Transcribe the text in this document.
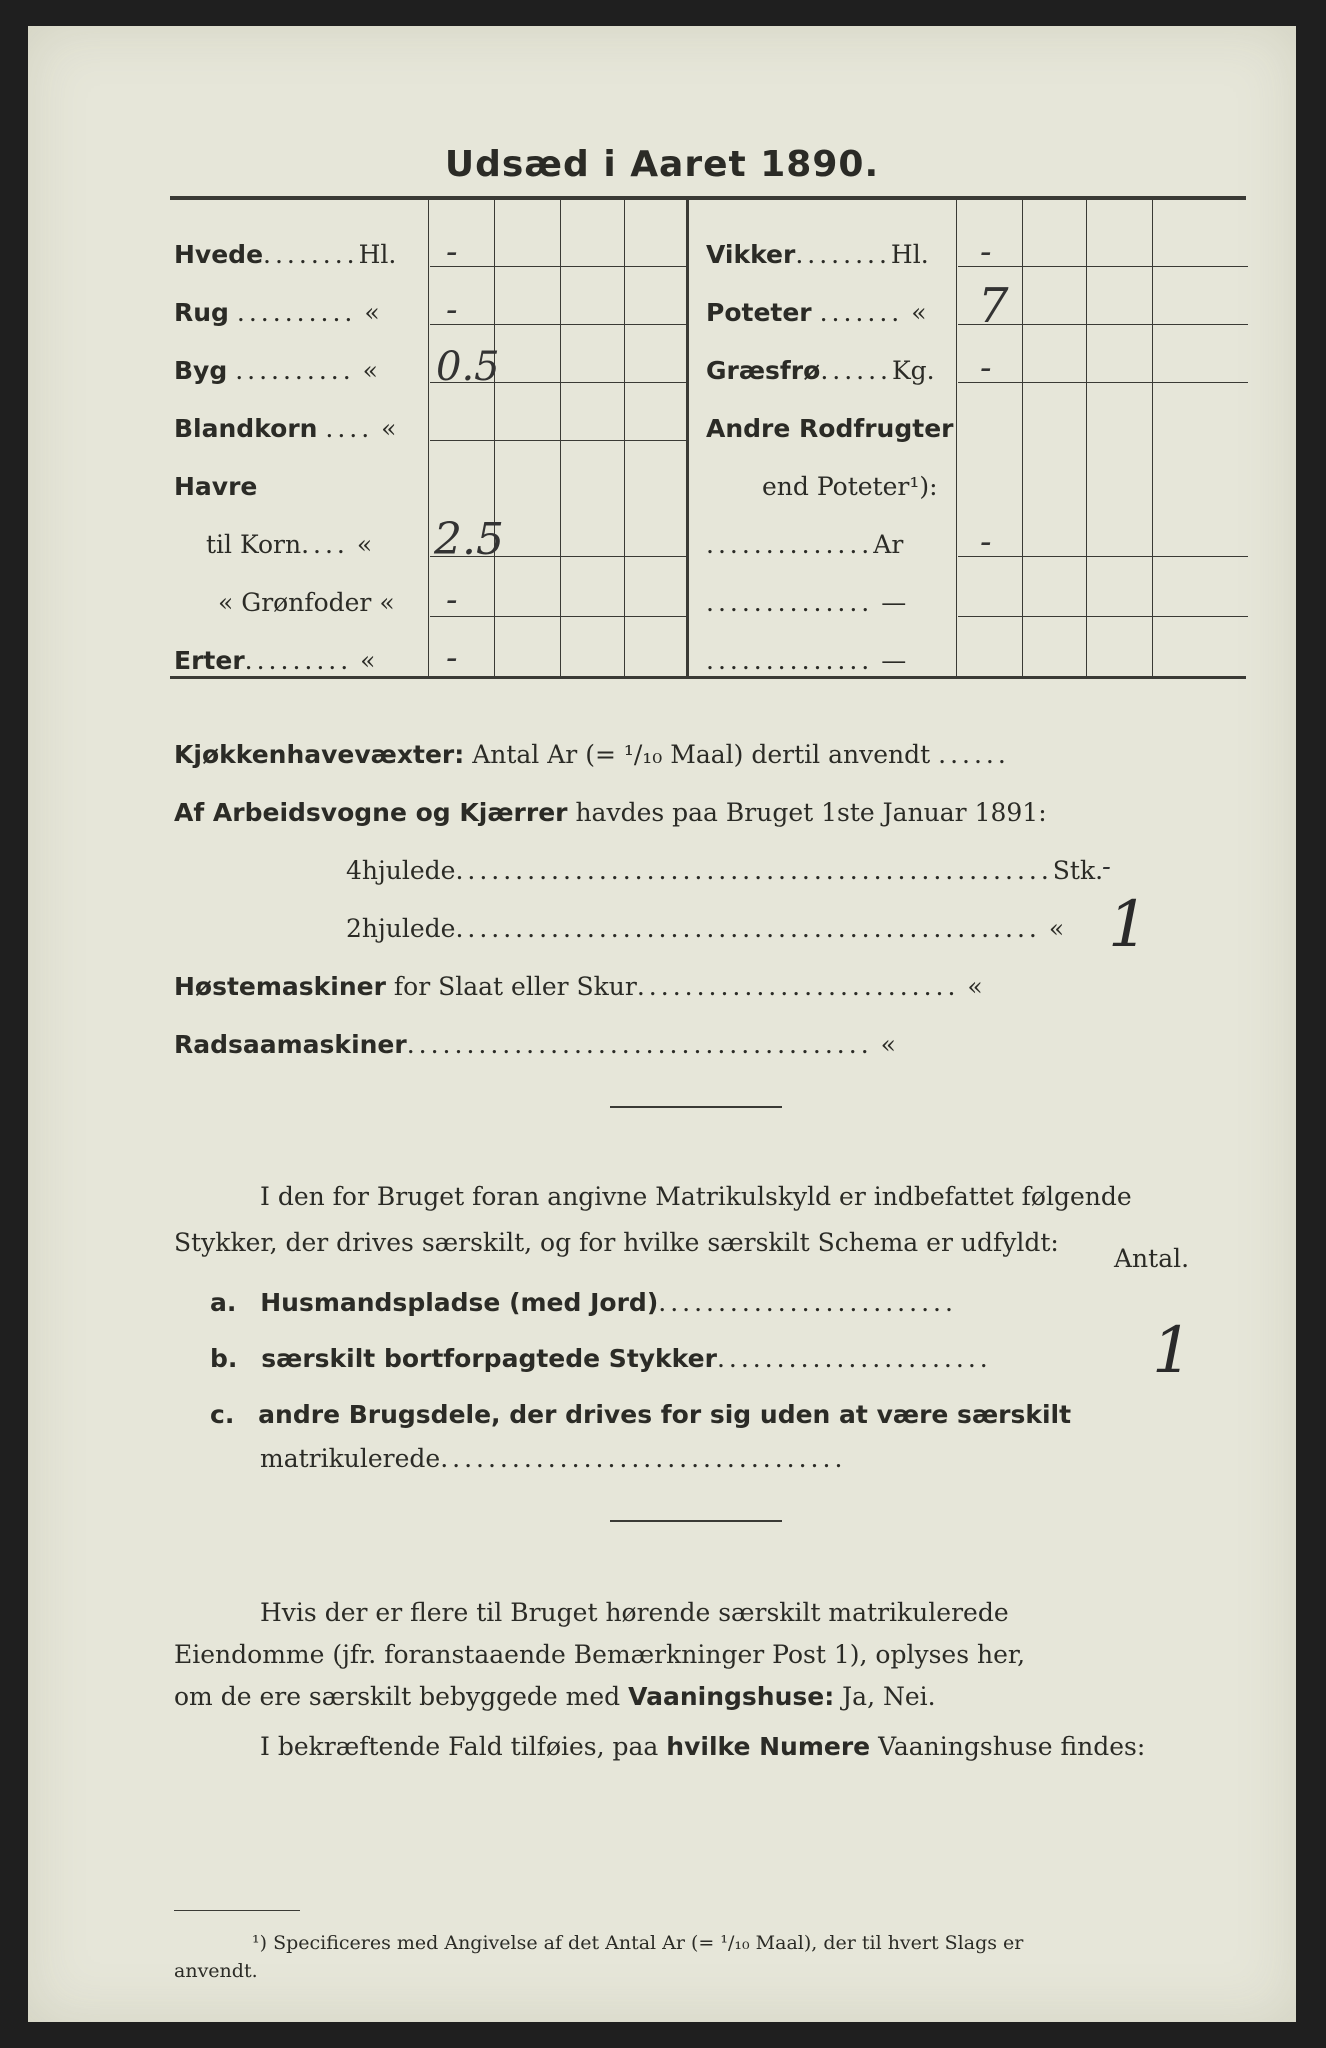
Udsæd i Aaret 1890.
Hvede........Hl. -
Rug .......... « -
Byg .......... « 0.5
Blandkorn .... «
Havre
til Korn.... « 2.5
« Grønfoder « -
Erter......... « -
Vikker........Hl. -
Poteter ....... « 7
Græsfrø......Kg. -
Andre Rodfrugter
end Poteter¹):
..............Ar -
.............. —
.............. —
Kjøkkenhavevæxter: Antal Ar (= ¹/₁₀ Maal) dertil anvendt ......
Af Arbeidsvogne og Kjærrer havdes paa Bruget 1ste Januar 1891:
4hjulede..................................................Stk.
-
2hjulede................................................. « 1
Høstemaskiner for Slaat eller Skur........................... «
Radsaamaskiner....................................... «
I den for Bruget foran angivne Matrikulskyld er indbefattet følgende
Stykker, der drives særskilt, og for hvilke særskilt Schema er udfyldt:
Antal.
a. Husmandspladse (med Jord).........................
b. særskilt bortforpagtede Stykker.......................	1
c. andre Brugsdele, der drives for sig uden at være særskilt
matrikulerede..................................
Hvis der er flere til Bruget hørende særskilt matrikulerede
Eiendomme (jfr. foranstaaende Bemærkninger Post 1), oplyses her,
om de ere særskilt bebyggede med Vaaningshuse: Ja, Nei.
I bekræftende Fald tilføies, paa hvilke Numere Vaaningshuse findes:
¹) Specificeres med Angivelse af det Antal Ar (= ¹/₁₀ Maal), der til hvert Slags er
anvendt.
